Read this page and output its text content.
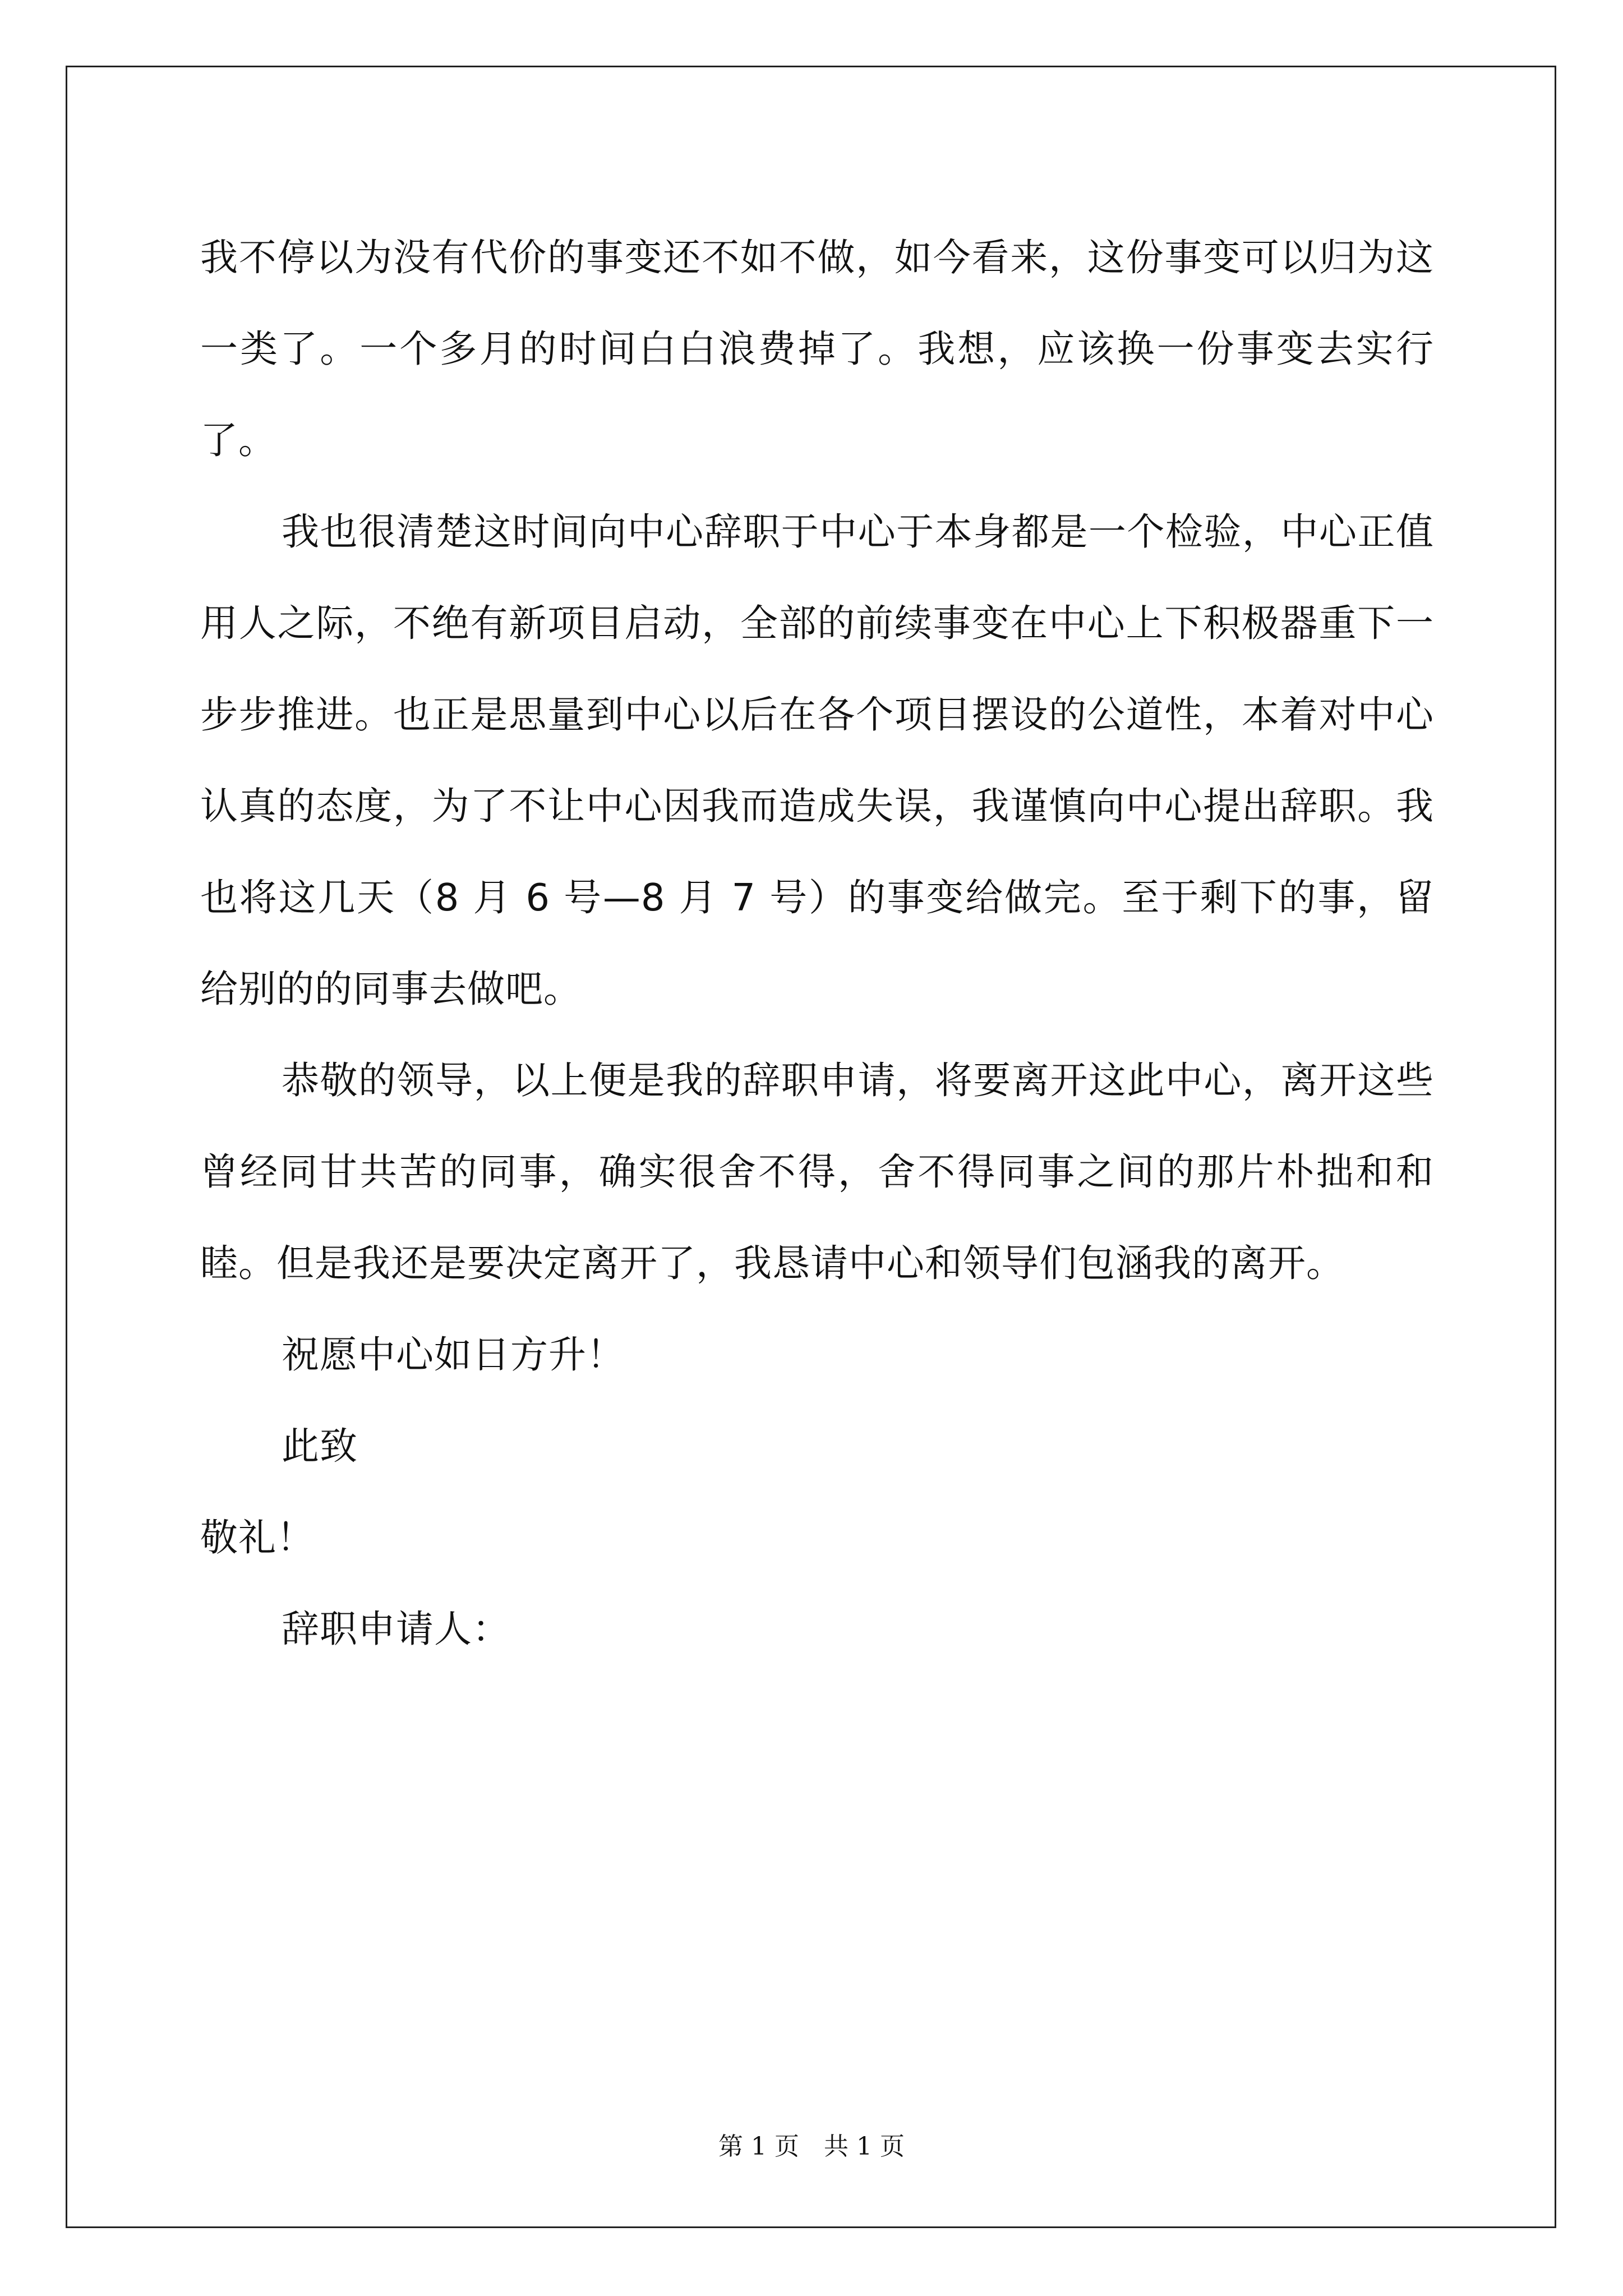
我不停以为没有代价的事变还不如不做，如今看来，这份事变可以归为这一类了。一个多月的时间白白浪费掉了。我想，应该换一份事变去实行了。

我也很清楚这时间向中心辞职于中心于本身都是一个检验，中心正值用人之际，不绝有新项目启动，全部的前续事变在中心上下积极器重下一步步推进。也正是思量到中心以后在各个项目摆设的公道性，本着对中心认真的态度，为了不让中心因我而造成失误，我谨慎向中心提出辞职。我也将这几天（8 月 6 号—8 月 7 号）的事变给做完。至于剩下的事，留给别的的同事去做吧。

恭敬的领导，以上便是我的辞职申请，将要离开这此中心，离开这些曾经同甘共苦的同事，确实很舍不得，舍不得同事之间的那片朴拙和和睦。但是我还是要决定离开了，我恳请中心和领导们包涵我的离开。

祝愿中心如日方升！

此致

敬礼！

辞职申请人：

第 1 页　共 1 页
